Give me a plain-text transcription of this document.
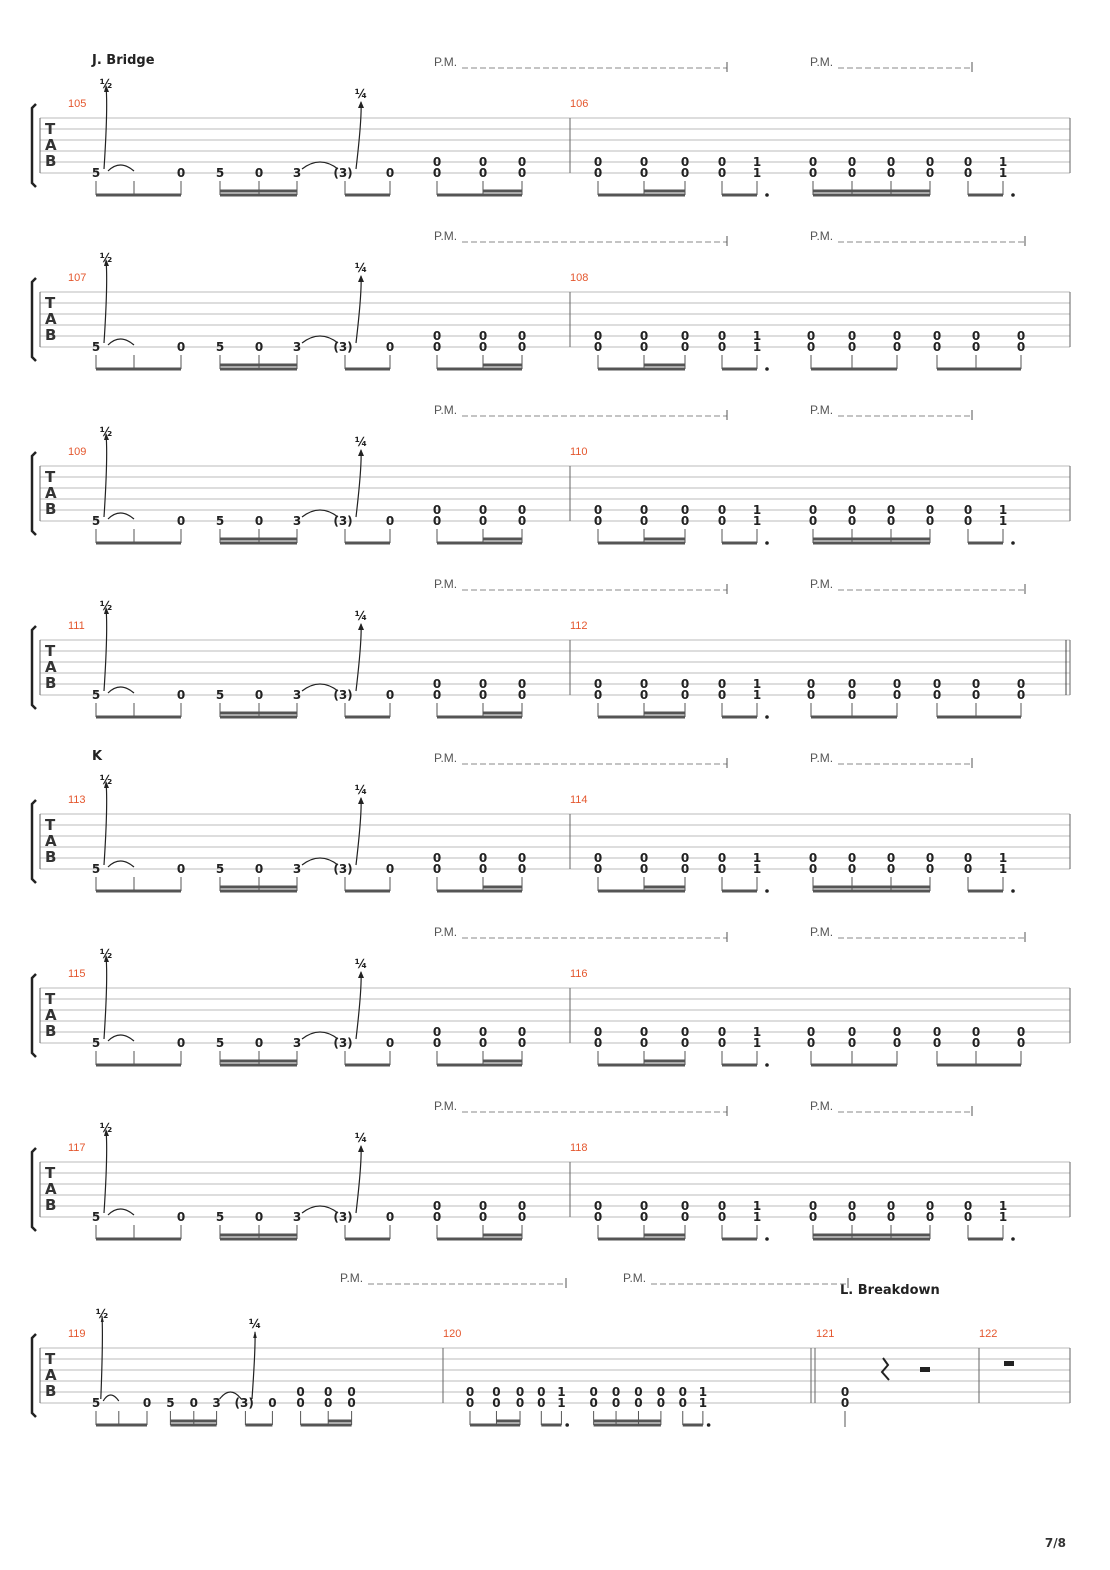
T
A
B
J. Bridge
105	106
P.M.	P.M.
½
¼
5	0	5	0 3	(3)	0
0
0
0
0
0
0
0
0
0
0
0
0
0
0
1
1
0
0
0
0
0
0
0
0
0
0
1
1
T
A
B
107	108
P.M.	P.M.
½
¼
5	0	5	0 3	(3)	0
0
0
0
0
0
0
0
0
0
0
0
0
0
0
1
1
0
0
0
0
0
0
0
0
0
0
0
0
T
A
B
109	110
P.M.	P.M.
½
¼
5	0	5	0 3	(3)	0
0
0
0
0
0
0
0
0
0
0
0
0
0
0
1
1
0
0
0
0
0
0
0
0
0
0
1
1
T
A
B
111	112
P.M.	P.M.
½
¼
5	0	5	0 3	(3)	0
0
0
0
0
0
0
0
0
0
0
0
0
0
0
1
1
0
0
0
0
0
0
0
0
0
0
0
0
T
A
B
K
113	114
P.M.	P.M.
½
¼
5	0	5	0 3	(3)	0
0
0
0
0
0
0
0
0
0
0
0
0
0
0
1
1
0
0
0
0
0
0
0
0
0
0
1
1
T
A
B
115	116
P.M.	P.M.
½
¼
5	0	5	0 3	(3)	0
0
0
0
0
0
0
0
0
0
0
0
0
0
0
1
1
0
0
0
0
0
0
0
0
0
0
0
0
T
A
B
117	118
P.M.	P.M.
½
¼
5	0	5	0 3	(3)	0
0
0
0
0
0
0
0
0
0
0
0
0
0
0
1
1
0
0
0
0
0
0
0
0
0
0
1
1
T
A
B
L. Breakdown
119	120	121	122
P.M.	P.M.
½
¼
5	0 5 0 3 (3) 0
0
0
0
0
0
0
0
0
0
0
0
0
0
0
1
1
0
0
0
0
0
0
0
0
0
0
1
1
0
0
7/8
